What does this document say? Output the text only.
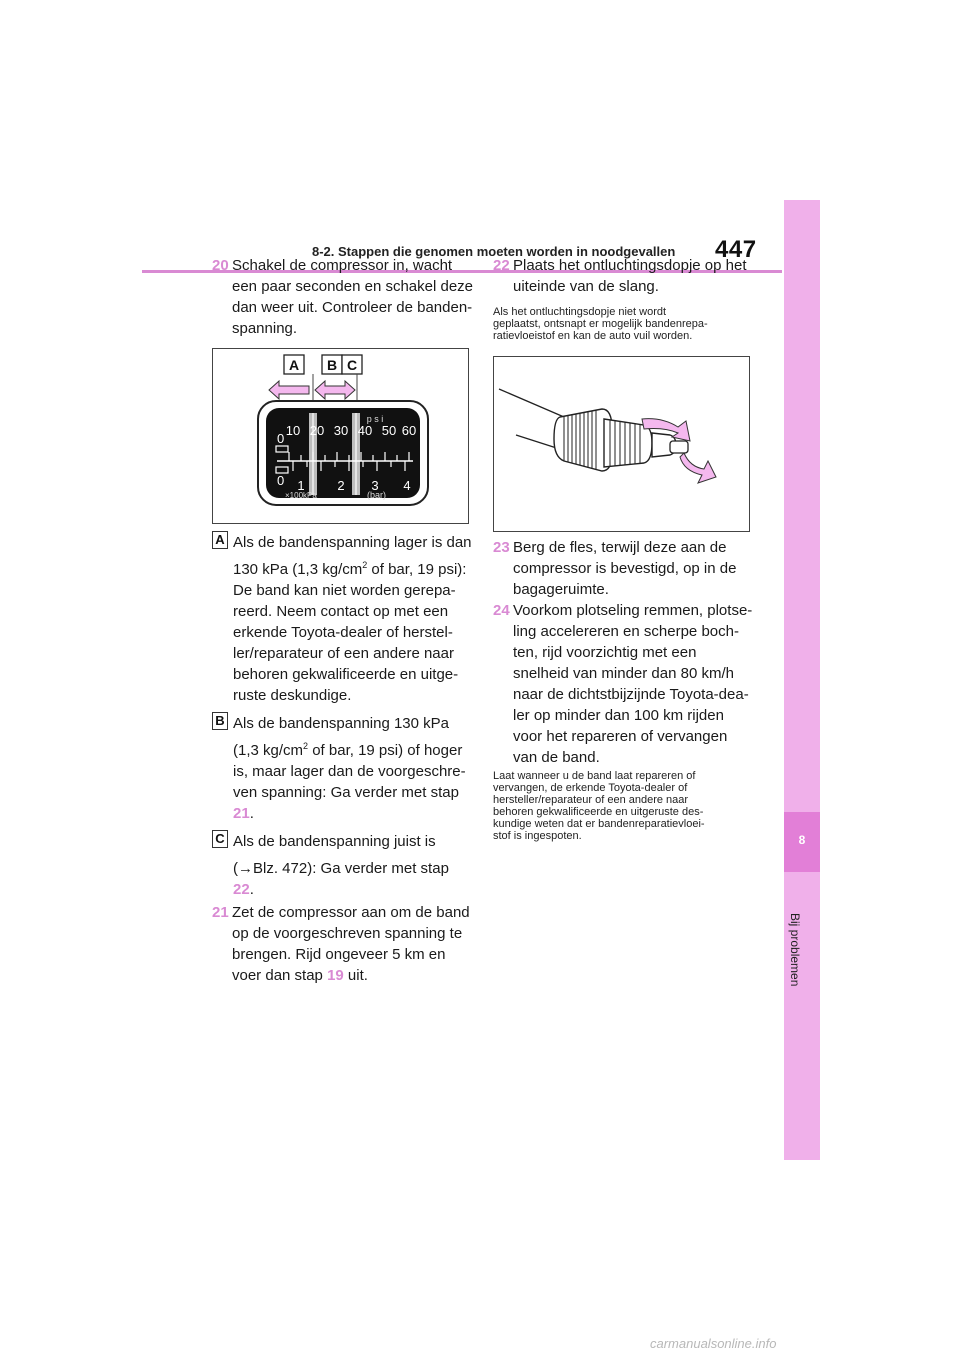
8-2. Stappen die genomen moeten worden in noodgevallen 447
8
Bij problemen
20 Schakel de compressor in, wacht
een paar seconden en schakel deze
dan weer uit. Controleer de banden-
spanning.
A B C
p s i
0
10 20 30 40 50 60
0 1	2 3 4
×100kPa	(bar)
A Als de bandenspanning lager is dan
130 kPa (1,3 $kg/cm^2$ of bar, 19 psi):
De band kan niet worden gerepa-
reerd. Neem contact op met een
erkende Toyota-dealer of herstel-
ler/reparateur of een andere naar
behoren gekwalificeerde en uitge-
ruste deskundige.
B Als de bandenspanning 130 kPa
(1,3 $kg/cm^2$ of bar, 19 psi) of hoger
is, maar lager dan de voorgeschre-
ven spanning: Ga verder met stap
21.
C Als de bandenspanning juist is
(→Blz. 472): Ga verder met stap
22.
21 Zet de compressor aan om de band
op de voorgeschreven spanning te
brengen. Rijd ongeveer 5 km en
voer dan stap 19 uit.
22 Plaats het ontluchtingsdopje op het
uiteinde van de slang.
Als het ontluchtingsdopje niet wordt
geplaatst, ontsnapt er mogelijk bandenrepa-
ratievloeistof en kan de auto vuil worden.
23 Berg de fles, terwijl deze aan de
compressor is bevestigd, op in de
bagageruimte.
24 Voorkom plotseling remmen, plotse-
ling accelereren en scherpe boch-
ten, rijd voorzichtig met een
snelheid van minder dan 80 km/h
naar de dichtstbijzijnde Toyota-dea-
ler op minder dan 100 km rijden
voor het repareren of vervangen
van de band.
Laat wanneer u de band laat repareren of
vervangen, de erkende Toyota-dealer of
hersteller/reparateur of een andere naar
behoren gekwalificeerde en uitgeruste des-
kundige weten dat er bandenreparatievloei-
stof is ingespoten.
carmanualsonline.info
